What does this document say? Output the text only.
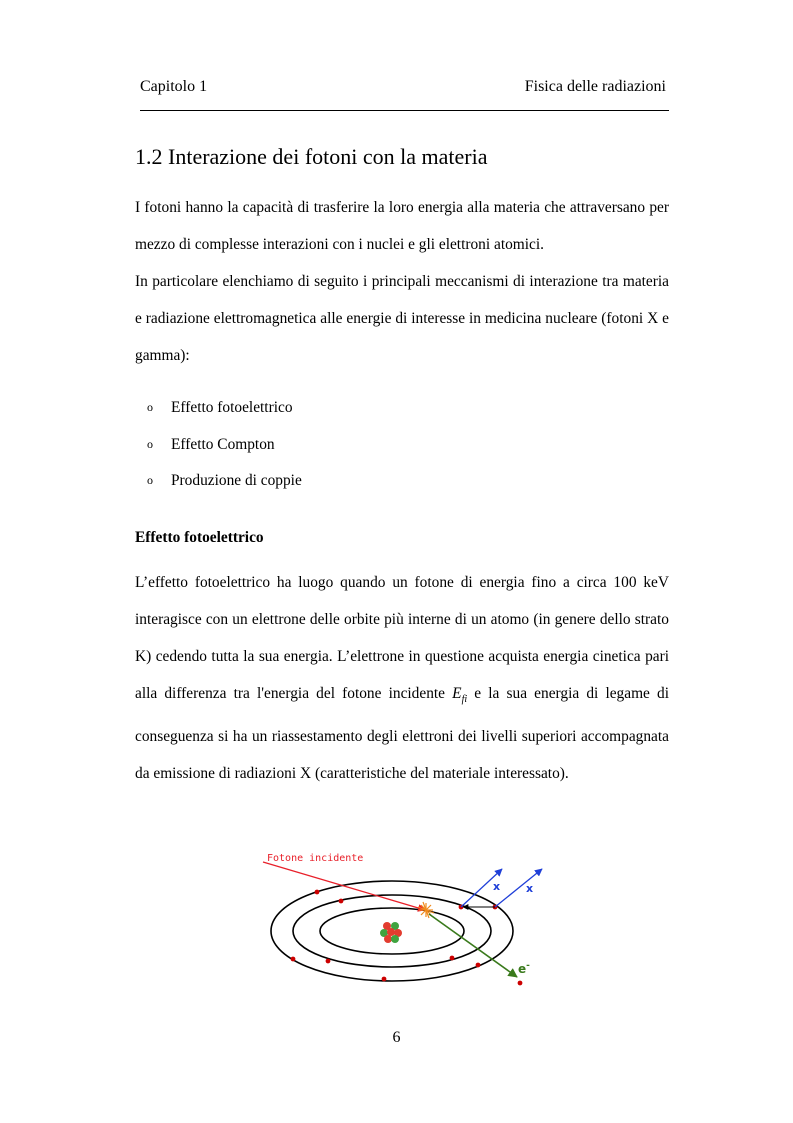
Capitolo 1	Fisica delle radiazioni
1.2 Interazione dei fotoni con la materia
I fotoni hanno la capacità di trasferire la loro energia alla materia che attraversano per mezzo di complesse interazioni con i nuclei e gli elettroni atomici.
In particolare elenchiamo di seguito i principali meccanismi di interazione tra materia e radiazione elettromagnetica alle energie di interesse in medicina nucleare (fotoni X e gamma):
o Effetto fotoelettrico
o Effetto Compton
o Produzione di coppie
Effetto fotoelettrico
L’effetto fotoelettrico ha luogo quando un fotone di energia fino a circa 100 keV interagisce con un elettrone delle orbite più interne di un atomo (in genere dello strato K) cedendo tutta la sua energia. L’elettrone in questione acquista energia cinetica pari alla differenza tra l'energia del fotone incidente $E_{fi}$ e la sua energia di legame di conseguenza si ha un riassestamento degli elettroni dei livelli superiori accompagnata da emissione di radiazioni X (caratteristiche del materiale interessato).
Fotone incidente
x x
e-
6
